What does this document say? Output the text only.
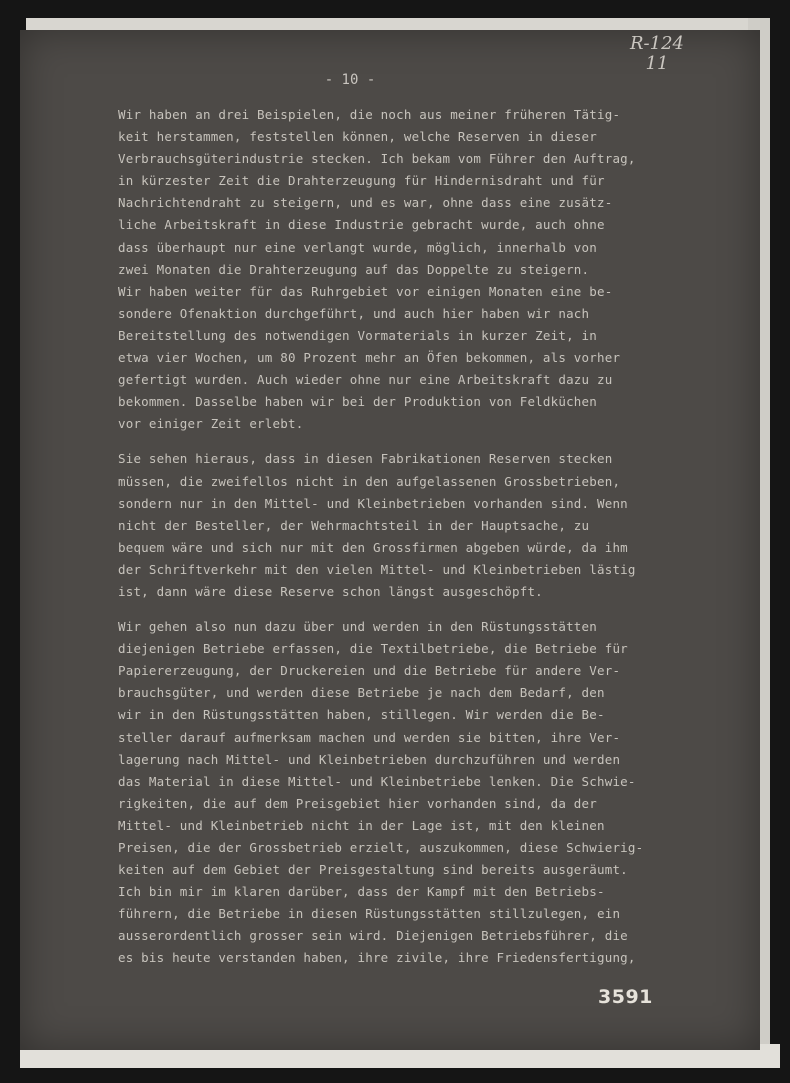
R-124
11
- 10 -
Wir haben an drei Beispielen, die noch aus meiner früheren Tätig-
keit herstammen, feststellen können, welche Reserven in dieser
Verbrauchsgüterindustrie stecken. Ich bekam vom Führer den Auftrag,
in kürzester Zeit die Drahterzeugung für Hindernisdraht und für
Nachrichtendraht zu steigern, und es war, ohne dass eine zusätz-
liche Arbeitskraft in diese Industrie gebracht wurde, auch ohne
dass überhaupt nur eine verlangt wurde, möglich, innerhalb von
zwei Monaten die Drahterzeugung auf das Doppelte zu steigern.
Wir haben weiter für das Ruhrgebiet vor einigen Monaten eine be-
sondere Ofenaktion durchgeführt, und auch hier haben wir nach
Bereitstellung des notwendigen Vormaterials in kurzer Zeit, in
etwa vier Wochen, um 80 Prozent mehr an Öfen bekommen, als vorher
gefertigt wurden. Auch wieder ohne nur eine Arbeitskraft dazu zu
bekommen. Dasselbe haben wir bei der Produktion von Feldküchen
vor einiger Zeit erlebt.
Sie sehen hieraus, dass in diesen Fabrikationen Reserven stecken
müssen, die zweifellos nicht in den aufgelassenen Grossbetrieben,
sondern nur in den Mittel- und Kleinbetrieben vorhanden sind. Wenn
nicht der Besteller, der Wehrmachtsteil in der Hauptsache, zu
bequem wäre und sich nur mit den Grossfirmen abgeben würde, da ihm
der Schriftverkehr mit den vielen Mittel- und Kleinbetrieben lästig
ist, dann wäre diese Reserve schon längst ausgeschöpft.
Wir gehen also nun dazu über und werden in den Rüstungsstätten
diejenigen Betriebe erfassen, die Textilbetriebe, die Betriebe für
Papiererzeugung, der Druckereien und die Betriebe für andere Ver-
brauchsgüter, und werden diese Betriebe je nach dem Bedarf, den
wir in den Rüstungsstätten haben, stillegen. Wir werden die Be-
steller darauf aufmerksam machen und werden sie bitten, ihre Ver-
lagerung nach Mittel- und Kleinbetrieben durchzuführen und werden
das Material in diese Mittel- und Kleinbetriebe lenken. Die Schwie-
rigkeiten, die auf dem Preisgebiet hier vorhanden sind, da der
Mittel- und Kleinbetrieb nicht in der Lage ist, mit den kleinen
Preisen, die der Grossbetrieb erzielt, auszukommen, diese Schwierig-
keiten auf dem Gebiet der Preisgestaltung sind bereits ausgeräumt.
Ich bin mir im klaren darüber, dass der Kampf mit den Betriebs-
führern, die Betriebe in diesen Rüstungsstätten stillzulegen, ein
ausserordentlich grosser sein wird. Diejenigen Betriebsführer, die
es bis heute verstanden haben, ihre zivile, ihre Friedensfertigung,
3591
